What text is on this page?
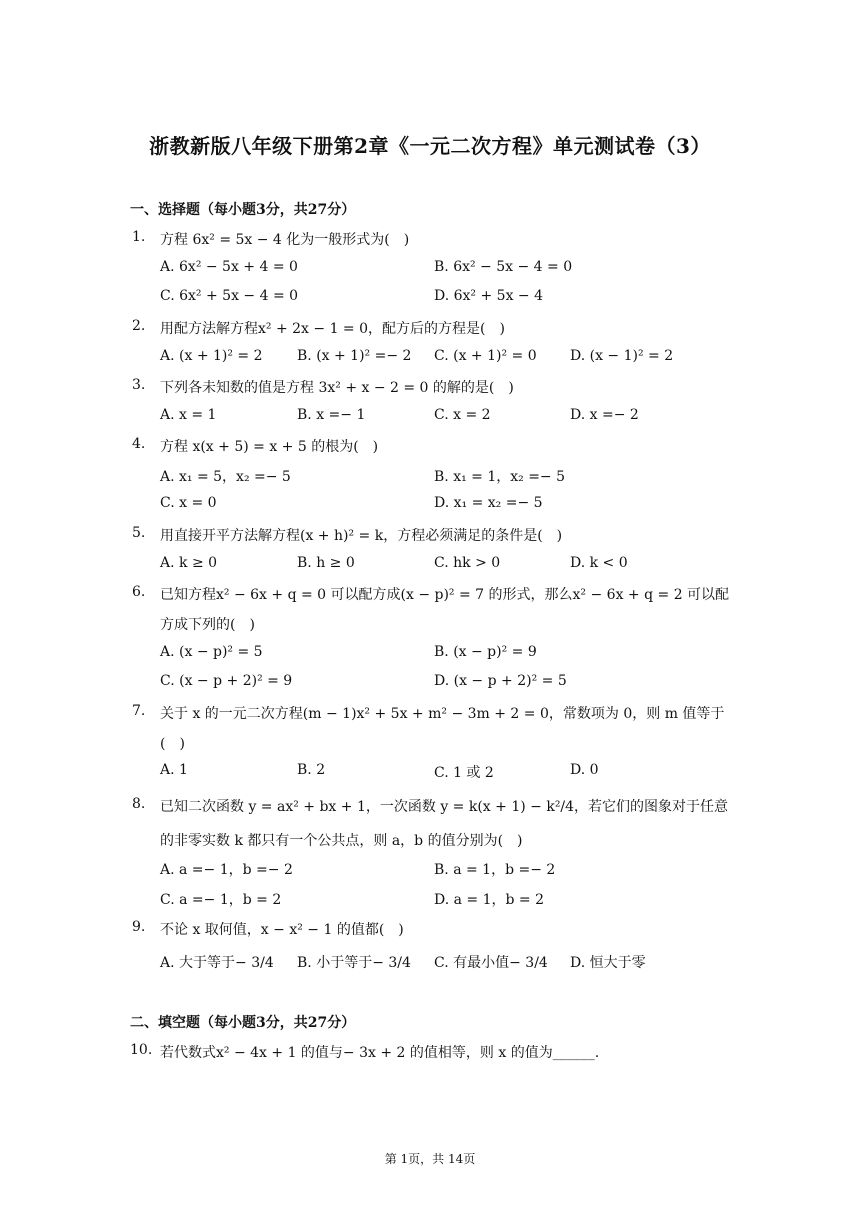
浙教新版八年级下册第2章《一元二次方程》单元测试卷（3）
一、选择题（每小题3分，共27分）
1. 方程 6x² = 5x − 4 化为一般形式为(　)
A. 6x² − 5x + 4 = 0	B. 6x² − 5x − 4 = 0
C. 6x² + 5x − 4 = 0	D. 6x² + 5x − 4
2. 用配方法解方程x² + 2x − 1 = 0，配方后的方程是(　)
A. (x + 1)² = 2 B. (x + 1)² =− 2 C. (x + 1)² = 0 D. (x − 1)² = 2
3. 下列各未知数的值是方程 3x² + x − 2 = 0 的解的是(　)
A. x = 1	B. x =− 1	C. x = 2	D. x =− 2
4. 方程 x(x + 5) = x + 5 的根为(　)
A. x₁ = 5，x₂ =− 5	B. x₁ = 1，x₂ =− 5
C. x = 0	D. x₁ = x₂ =− 5
5. 用直接开平方法解方程(x + h)² = k，方程必须满足的条件是(　)
A. k ≥ 0	B. h ≥ 0	C. hk > 0	D. k < 0
6. 已知方程x² − 6x + q = 0 可以配方成(x − p)² = 7 的形式，那么x² − 6x + q = 2 可以配
方成下列的(　)
A. (x − p)² = 5	B. (x − p)² = 9
C. (x − p + 2)² = 9	D. (x − p + 2)² = 5
7. 关于 x 的一元二次方程(m − 1)x² + 5x + m² − 3m + 2 = 0，常数项为 0，则 m 值等于
(　)
A. 1	B. 2	C. 1 或 2	D. 0
8. 已知二次函数 y = ax² + bx + 1，一次函数 y = k(x + 1) − k²/4，若它们的图象对于任意
的非零实数 k 都只有一个公共点，则 a，b 的值分别为(　)
A. a =− 1，b =− 2	B. a = 1，b =− 2
C. a =− 1，b = 2	D. a = 1，b = 2
9. 不论 x 取何值，x − x² − 1 的值都(　)
A. 大于等于− 3/4 B. 小于等于− 3/4 C. 有最小值− 3/4 D. 恒大于零
二、填空题（每小题3分，共27分）
10. 若代数式x² − 4x + 1 的值与− 3x + 2 的值相等，则 x 的值为______.
第 1页，共 14页
